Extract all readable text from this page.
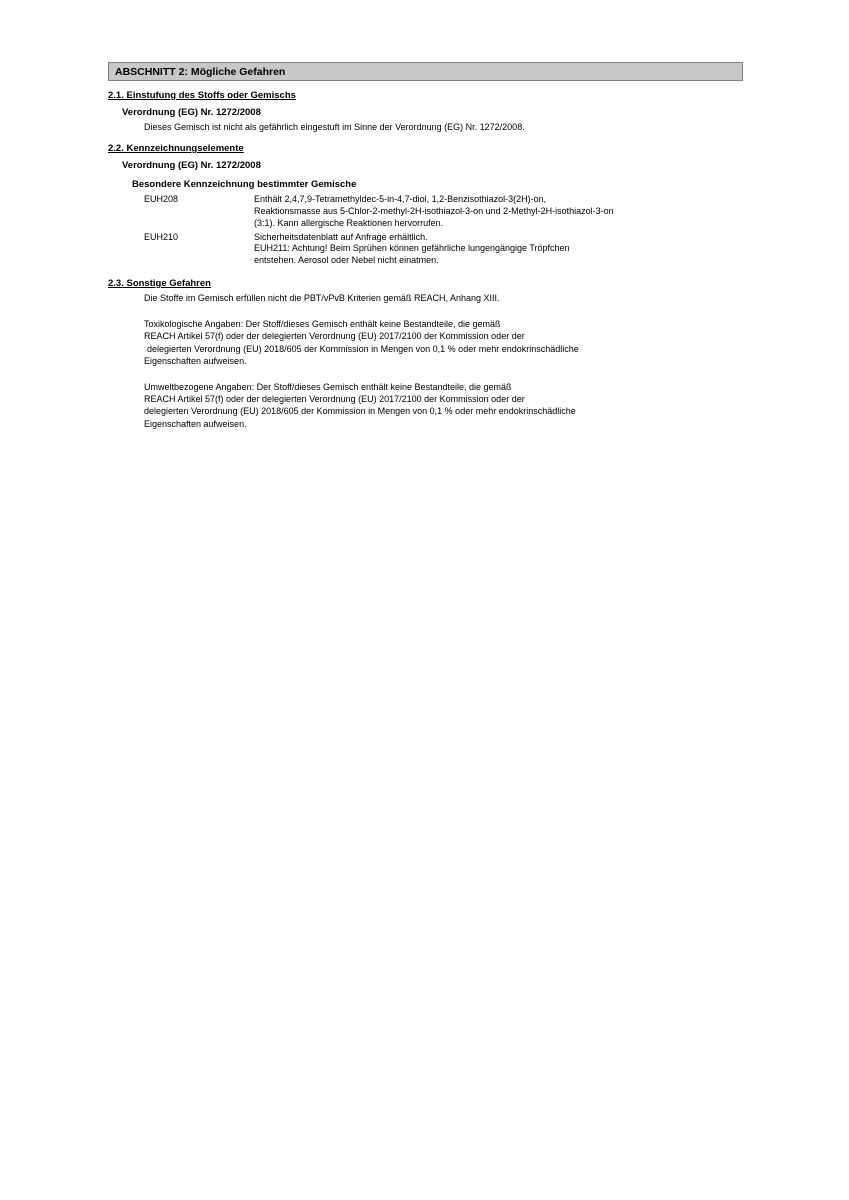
ABSCHNITT 2: Mögliche Gefahren
2.1. Einstufung des Stoffs oder Gemischs
Verordnung (EG) Nr. 1272/2008
Dieses Gemisch ist nicht als gefährlich eingestuft im Sinne der Verordnung (EG) Nr. 1272/2008.
2.2. Kennzeichnungselemente
Verordnung (EG) Nr. 1272/2008
Besondere Kennzeichnung bestimmter Gemische
EUH208	Enthält 2,4,7,9-Tetramethyldec-5-in-4,7-diol, 1,2-Benzisothiazol-3(2H)-on,
Reaktionsmasse aus 5-Chlor-2-methyl-2H-isothiazol-3-on und 2-Methyl-2H-isothiazol-3-on
(3:1). Kann allergische Reaktionen hervorrufen.

EUH210	Sicherheitsdatenblatt auf Anfrage erhältlich.
EUH211: Achtung! Beim Sprühen können gefährliche lungengängige Tröpfchen
entstehen. Aerosol oder Nebel nicht einatmen.
2.3. Sonstige Gefahren
Die Stoffe im Gemisch erfüllen nicht die PBT/vPvB Kriterien gemäß REACH, Anhang XIII.
Toxikologische Angaben: Der Stoff/dieses Gemisch enthält keine Bestandteile, die gemäß
REACH Artikel 57(f) oder der delegierten Verordnung (EU) 2017/2100 der Kommission oder der
delegierten Verordnung (EU) 2018/605 der Kommission in Mengen von 0,1 % oder mehr endokrinschädliche
Eigenschaften aufweisen.
Umweltbezogene Angaben: Der Stoff/dieses Gemisch enthält keine Bestandteile, die gemäß
REACH Artikel 57(f) oder der delegierten Verordnung (EU) 2017/2100 der Kommission oder der
delegierten Verordnung (EU) 2018/605 der Kommission in Mengen von 0,1 % oder mehr endokrinschädliche
Eigenschaften aufweisen.
